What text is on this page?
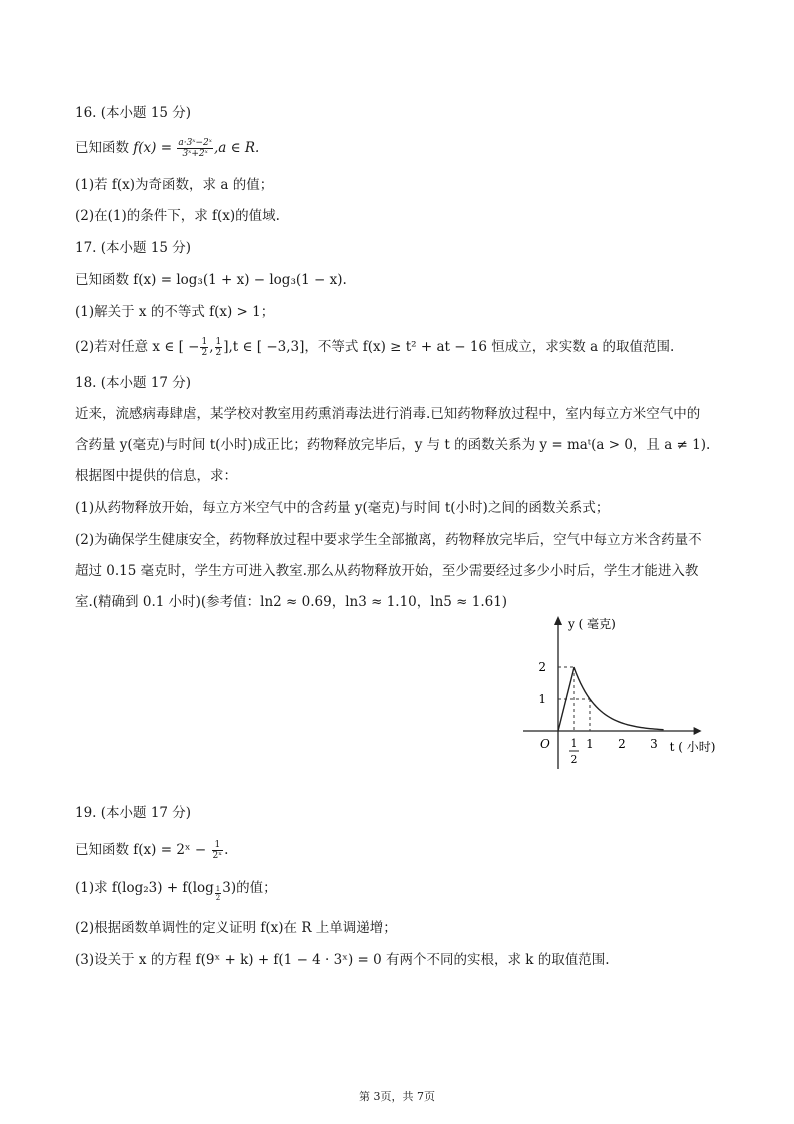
16. (本小题 15 分)
已知函数 $f(x) = \frac{\text{a·3ˣ−2ˣ}}{\text{3ˣ+2ˣ}} ,a$ ∈ R.
(1)若 f(x)为奇函数，求 a 的值；
(2)在(1)的条件下，求 f(x)的值域.
17. (本小题 15 分)
已知函数 f(x) = log₃(1 + x) − log₃(1 − x).
(1)解关于 x 的不等式 f(x) > 1；
(2)若对任意 x ∈ [ − $\frac{1}{2}$ , $\frac{1}{2} ],t$ ∈ [ −3,3]，不等式 f(x) ≥ t² + at − 16 恒成立，求实数 a 的取值范围.
18. (本小题 17 分)
近来，流感病毒肆虐，某学校对教室用药熏消毒法进行消毒.已知药物释放过程中，室内每立方米空气中的
含药量 y(毫克)与时间 t(小时)成正比；药物释放完毕后，y 与 t 的函数关系为 y = maᵗ(a > 0，且 a ≠ 1).
根据图中提供的信息，求：
(1)从药物释放开始，每立方米空气中的含药量 y(毫克)与时间 t(小时)之间的函数关系式；
(2)为确保学生健康安全，药物释放过程中要求学生全部撤离，药物释放完毕后，空气中每立方米含药量不
超过 0.15 毫克时，学生方可进入教室.那么从药物释放开始，至少需要经过多少小时后，学生才能进入教
室.(精确到 0.1 小时)(参考值：ln2 ≈ 0.69，ln3 ≈ 1.10，ln5 ≈ 1.61)
y ( 毫克)
t ( 小时)
O
1
2
1 2 3
1
2
19. (本小题 17 分)
已知函数 f(x) = 2ˣ − $\frac{1}{\text{2ˣ}}$ .
(1)求 $f(\log_23) + f(\log \frac{1}{2} 3)$的值；
(2)根据函数单调性的定义证明 f(x)在 R 上单调递增；
(3)设关于 x 的方程 f(9ˣ + k) + f(1 − 4 · 3ˣ) = 0 有两个不同的实根，求 k 的取值范围.
第 3页，共 7页
